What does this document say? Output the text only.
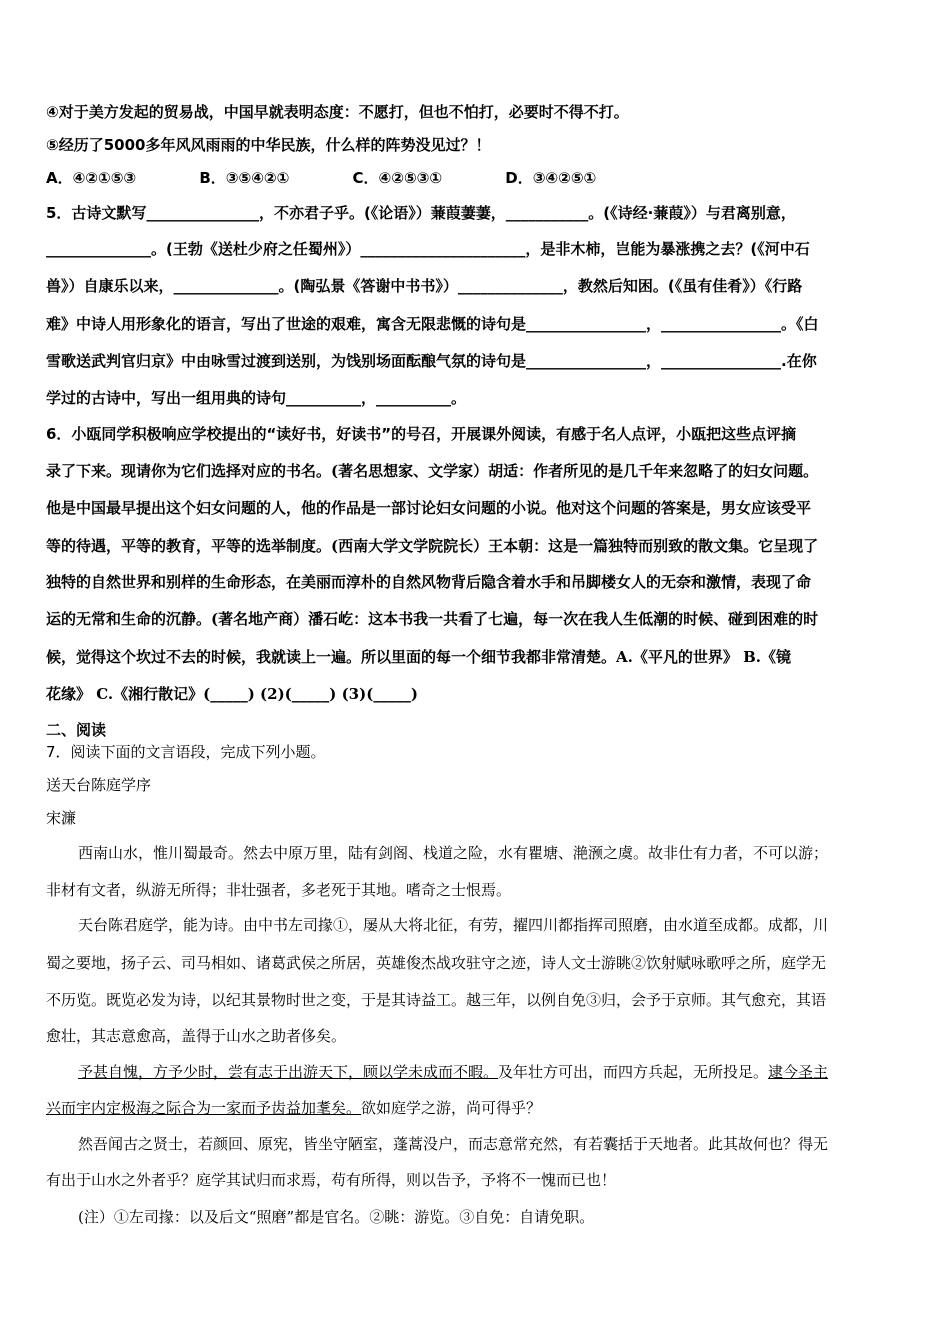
④对于美方发起的贸易战，中国早就表明态度：不愿打，但也不怕打，必要时不得不打。
⑤经历了5000多年风风雨雨的中华民族，什么样的阵势没见过？！
A．④②①⑤③	B．③⑤④②①	C．④②⑤③①	D．③④②⑤①
5．古诗文默写_______________，不亦君子乎。(《论语》）蒹葭萋萋，___________。(《诗经·蒹葭》）与君离别意，
______________。(王勃《送杜少府之任蜀州》）______________________，是非木柿，岂能为暴涨携之去？(《河中石
兽》）自康乐以来，______________。(陶弘景《答谢中书书》）______________，教然后知困。(《虽有佳肴》）《行路
难》中诗人用形象化的语言，写出了世途的艰难，寓含无限悲慨的诗句是________________，________________。《白
雪歌送武判官归京》中由咏雪过渡到送别，为饯别场面酝酿气氛的诗句是________________，________________.在你
学过的古诗中，写出一组用典的诗句__________，__________。
6．小瓯同学积极响应学校提出的“读好书，好读书”的号召，开展课外阅读，有感于名人点评，小瓯把这些点评摘
录了下来。现请你为它们选择对应的书名。(著名思想家、文学家）胡适：作者所见的是几千年来忽略了的妇女问题。
他是中国最早提出这个妇女问题的人，他的作品是一部讨论妇女问题的小说。他对这个问题的答案是，男女应该受平
等的待遇，平等的教育，平等的选举制度。(西南大学文学院院长）王本朝：这是一篇独特而别致的散文集。它呈现了
独特的自然世界和别样的生命形态，在美丽而淳朴的自然风物背后隐含着水手和吊脚楼女人的无奈和激情，表现了命
运的无常和生命的沉静。(著名地产商）潘石屹：这本书我一共看了七遍，每一次在我人生低潮的时候、碰到困难的时
候，觉得这个坎过不去的时候，我就读上一遍。所以里面的每一个细节我都非常清楚。A.《平凡的世界》 B.《镜
花缘》 C.《湘行散记》(_____) (2)(_____) (3)(_____)
二、阅读
7．阅读下面的文言语段，完成下列小题。
送天台陈庭学序
宋濂
西南山水，惟川蜀最奇。然去中原万里，陆有剑阁、栈道之险，水有瞿塘、滟滪之虞。故非仕有力者，不可以游；
非材有文者，纵游无所得；非壮强者，多老死于其地。嗜奇之士恨焉。
天台陈君庭学，能为诗。由中书左司掾①，屡从大将北征，有劳，擢四川都指挥司照磨，由水道至成都。成都，川
蜀之要地，扬子云、司马相如、诸葛武侯之所居，英雄俊杰战攻驻守之迹，诗人文士游眺②饮射赋咏歌呼之所，庭学无
不历览。既览必发为诗，以纪其景物时世之变，于是其诗益工。越三年，以例自免③归，会予于京师。其气愈充，其语
愈壮，其志意愈高，盖得于山水之助者侈矣。
予甚自愧，方予少时，尝有志于出游天下，顾以学未成而不暇。及年壮方可出，而四方兵起，无所投足。逮今圣主
兴而宇内定极海之际合为一家而予齿益加耄矣。欲如庭学之游，尚可得乎？
然吾闻古之贤士，若颜回、原宪，皆坐守陋室，蓬蒿没户，而志意常充然，有若囊括于天地者。此其故何也？得无
有出于山水之外者乎？庭学其试归而求焉，苟有所得，则以告予，予将不一愧而已也！
(注）①左司掾：以及后文“照磨”都是官名。②眺：游览。③自免：自请免职。
